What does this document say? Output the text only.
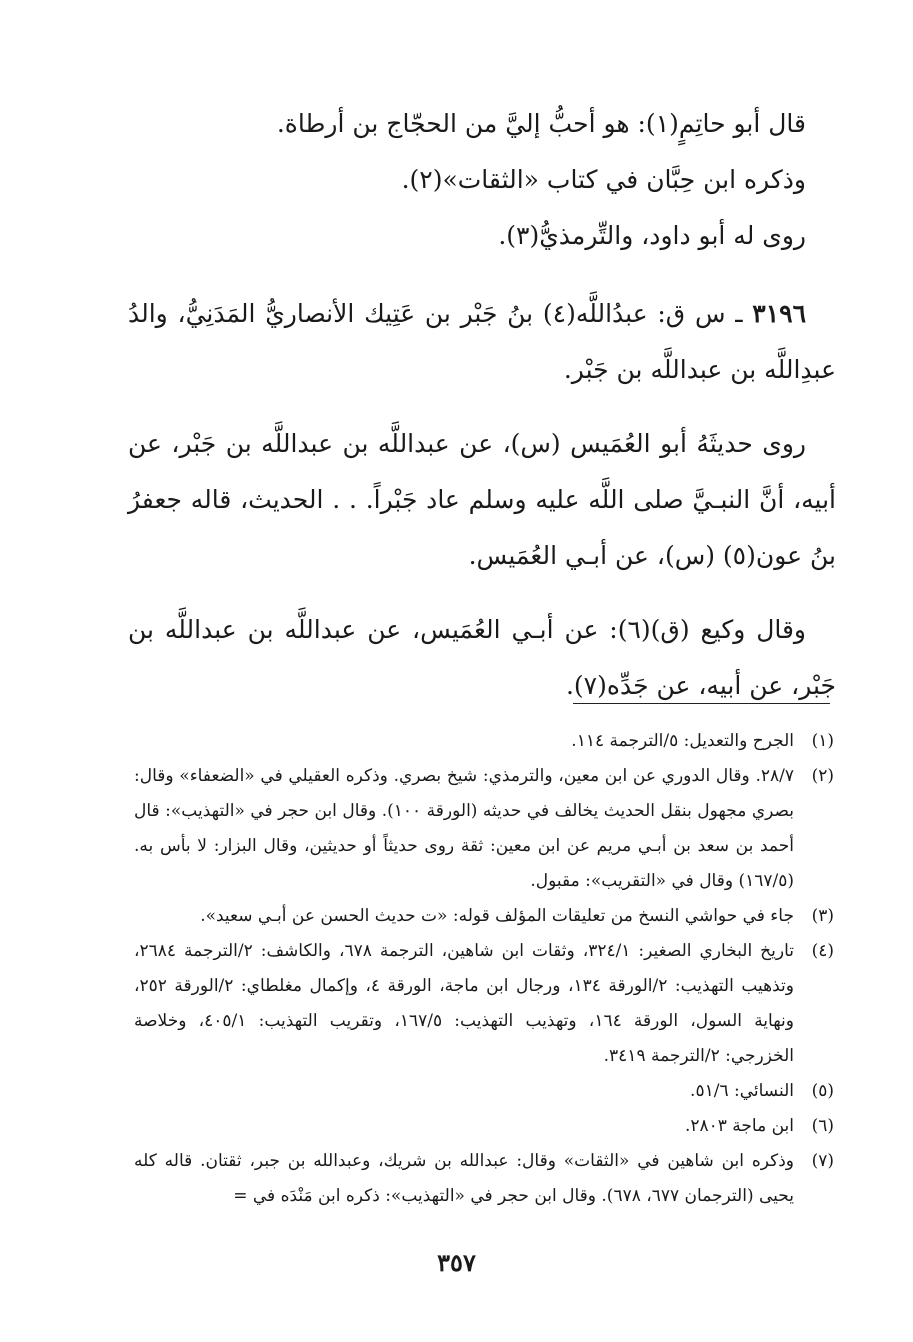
قال أبو حاتِمٍ(١): هو أحبُّ إليَّ من الحجّاج بن أرطاة.

وذكره ابن حِبَّان في كتاب «الثقات»(٢).

روى له أبو داود، والتِّرمذيُّ(٣).

٣١٩٦ ـ س ق: عبدُاللَّه(٤) بنُ جَبْر بن عَتِيك الأنصاريُّ المَدَنِيُّ، والدُ عبدِاللَّه بن عبداللَّه بن جَبْر.

روى حديثَهُ أبو العُمَيس (س)، عن عبداللَّه بن عبداللَّه بن جَبْر، عن أبيه، أنَّ النبـيَّ صلى اللَّه عليه وسلم عاد جَبْراً. . . الحديث، قاله جعفرُ بنُ عون(٥) (س)، عن أبـي العُمَيس.

وقال وكيع (ق)(٦): عن أبـي العُمَيس، عن عبداللَّه بن عبداللَّه بن جَبْر، عن أبيه، عن جَدِّه(٧).

(١)
الجرح والتعديل: ٥/الترجمة ١١٤.
(٢)
٢٨/٧. وقال الدوري عن ابن معين، والترمذي: شيخ بصري. وذكره العقيلي في «الضعفاء» وقال: بصري مجهول بنقل الحديث يخالف في حديثه (الورقة ١٠٠). وقال ابن حجر في «التهذيب»: قال أحمد بن سعد بن أبـي مريم عن ابن معين: ثقة روى حديثاً أو حديثين، وقال البزار: لا بأس به. (١٦٧/٥) وقال في «التقريب»: مقبول.
(٣)
جاء في حواشي النسخ من تعليقات المؤلف قوله: «ت حديث الحسن عن أبـي سعيد».
(٤)
تاريخ البخاري الصغير: ٣٢٤/١، وثقات ابن شاهين، الترجمة ٦٧٨، والكاشف: ٢/الترجمة ٢٦٨٤، وتذهيب التهذيب: ٢/الورقة ١٣٤، ورجال ابن ماجة، الورقة ٤، وإكمال مغلطاي: ٢/الورقة ٢٥٢، ونهاية السول، الورقة ١٦٤، وتهذيب التهذيب: ١٦٧/٥، وتقريب التهذيب: ٤٠٥/١، وخلاصة الخزرجي: ٢/الترجمة ٣٤١٩.
(٥)
النسائي: ٥١/٦.
(٦)
ابن ماجة ٢٨٠٣.
(٧)
وذكره ابن شاهين في «الثقات» وقال: عبدالله بن شريك، وعبدالله بن جبر، ثقتان. قاله كله يحيى (الترجمان ٦٧٧، ٦٧٨). وقال ابن حجر في «التهذيب»: ذكره ابن مَنْدَه في =
٣٥٧
